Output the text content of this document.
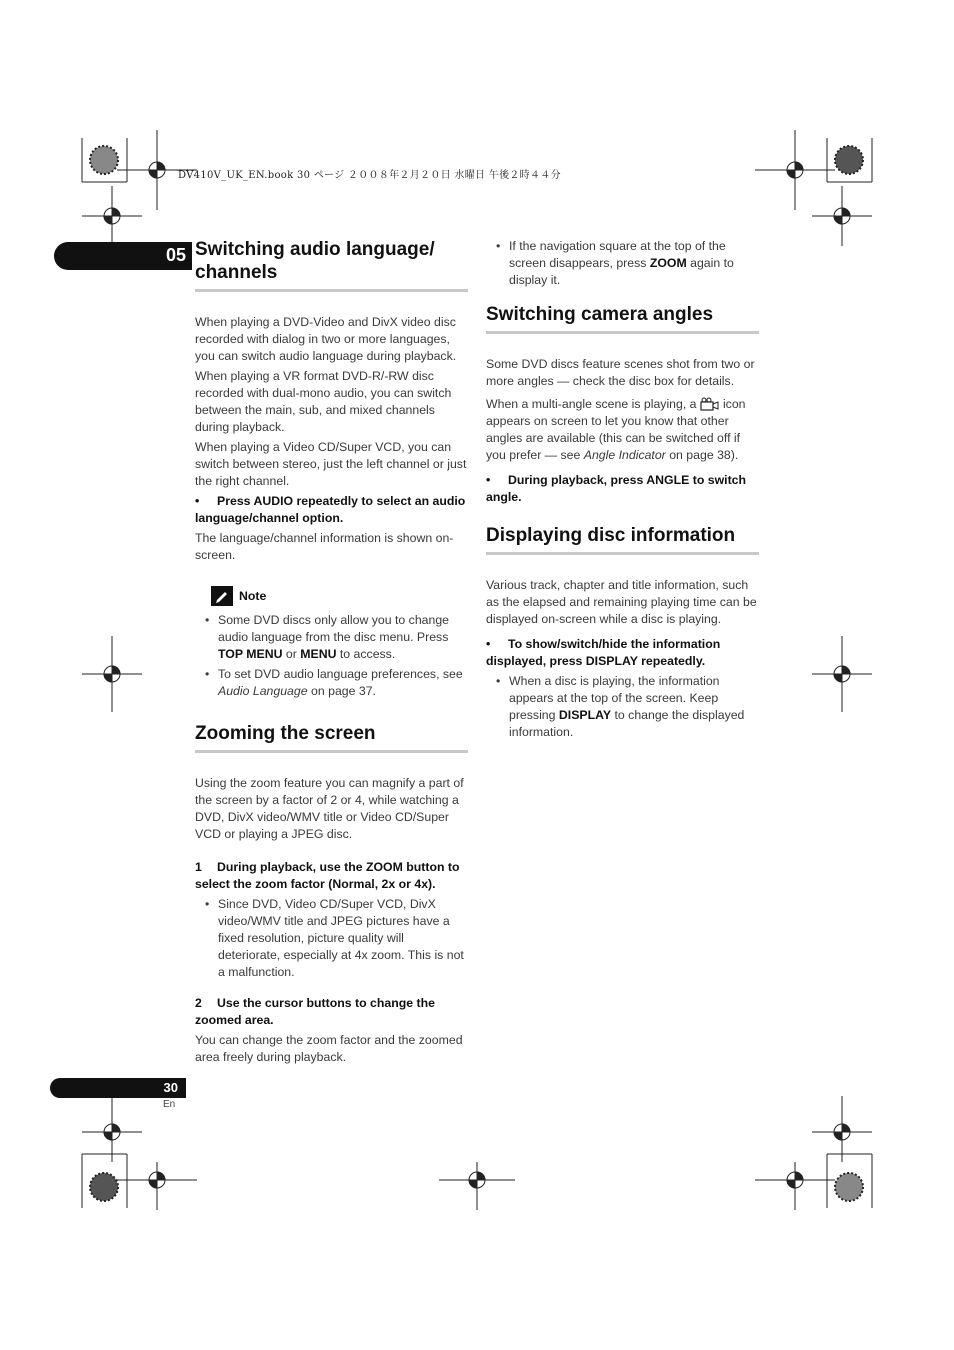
DV410V_UK_EN.book 30 ページ ２００８年２月２０日 水曜日 午後２時４４分
05 Switching audio language/
channels

When playing a DVD-Video and DivX video disc recorded with dialog in two or more languages, you can switch audio language during playback.

When playing a VR format DVD-R/-RW disc recorded with dual-mono audio, you can switch between the main, sub, and mixed channels during playback.

When playing a Video CD/Super VCD, you can switch between stereo, just the left channel or just the right channel.

• Press AUDIO repeatedly to select an audio language/channel option.

The language/channel information is shown on-screen.

Note
• Some DVD discs only allow you to change audio language from the disc menu. Press TOP MENU or MENU to access.
• To set DVD audio language preferences, see Audio Language on page 37.
Zooming the screen

Using the zoom feature you can magnify a part of the screen by a factor of 2 or 4, while watching a DVD, DivX video/WMV title or Video CD/Super VCD or playing a JPEG disc.

1 During playback, use the ZOOM button to select the zoom factor (Normal, 2x or 4x).

• Since DVD, Video CD/Super VCD, DivX video/WMV title and JPEG pictures have a fixed resolution, picture quality will deteriorate, especially at 4x zoom. This is not a malfunction.

2 Use the cursor buttons to change the zoomed area.

You can change the zoom factor and the zoomed area freely during playback.

• If the navigation square at the top of the screen disappears, press ZOOM again to display it.
Switching camera angles

Some DVD discs feature scenes shot from two or more angles — check the disc box for details.

When a multi-angle scene is playing, a icon appears on screen to let you know that other angles are available (this can be switched off if you prefer — see Angle Indicator on page 38).

• During playback, press ANGLE to switch angle.

Displaying disc information

Various track, chapter and title information, such as the elapsed and remaining playing time can be displayed on-screen while a disc is playing.

• To show/switch/hide the information displayed, press DISPLAY repeatedly.

• When a disc is playing, the information appears at the top of the screen. Keep pressing DISPLAY to change the displayed information.
30
En
